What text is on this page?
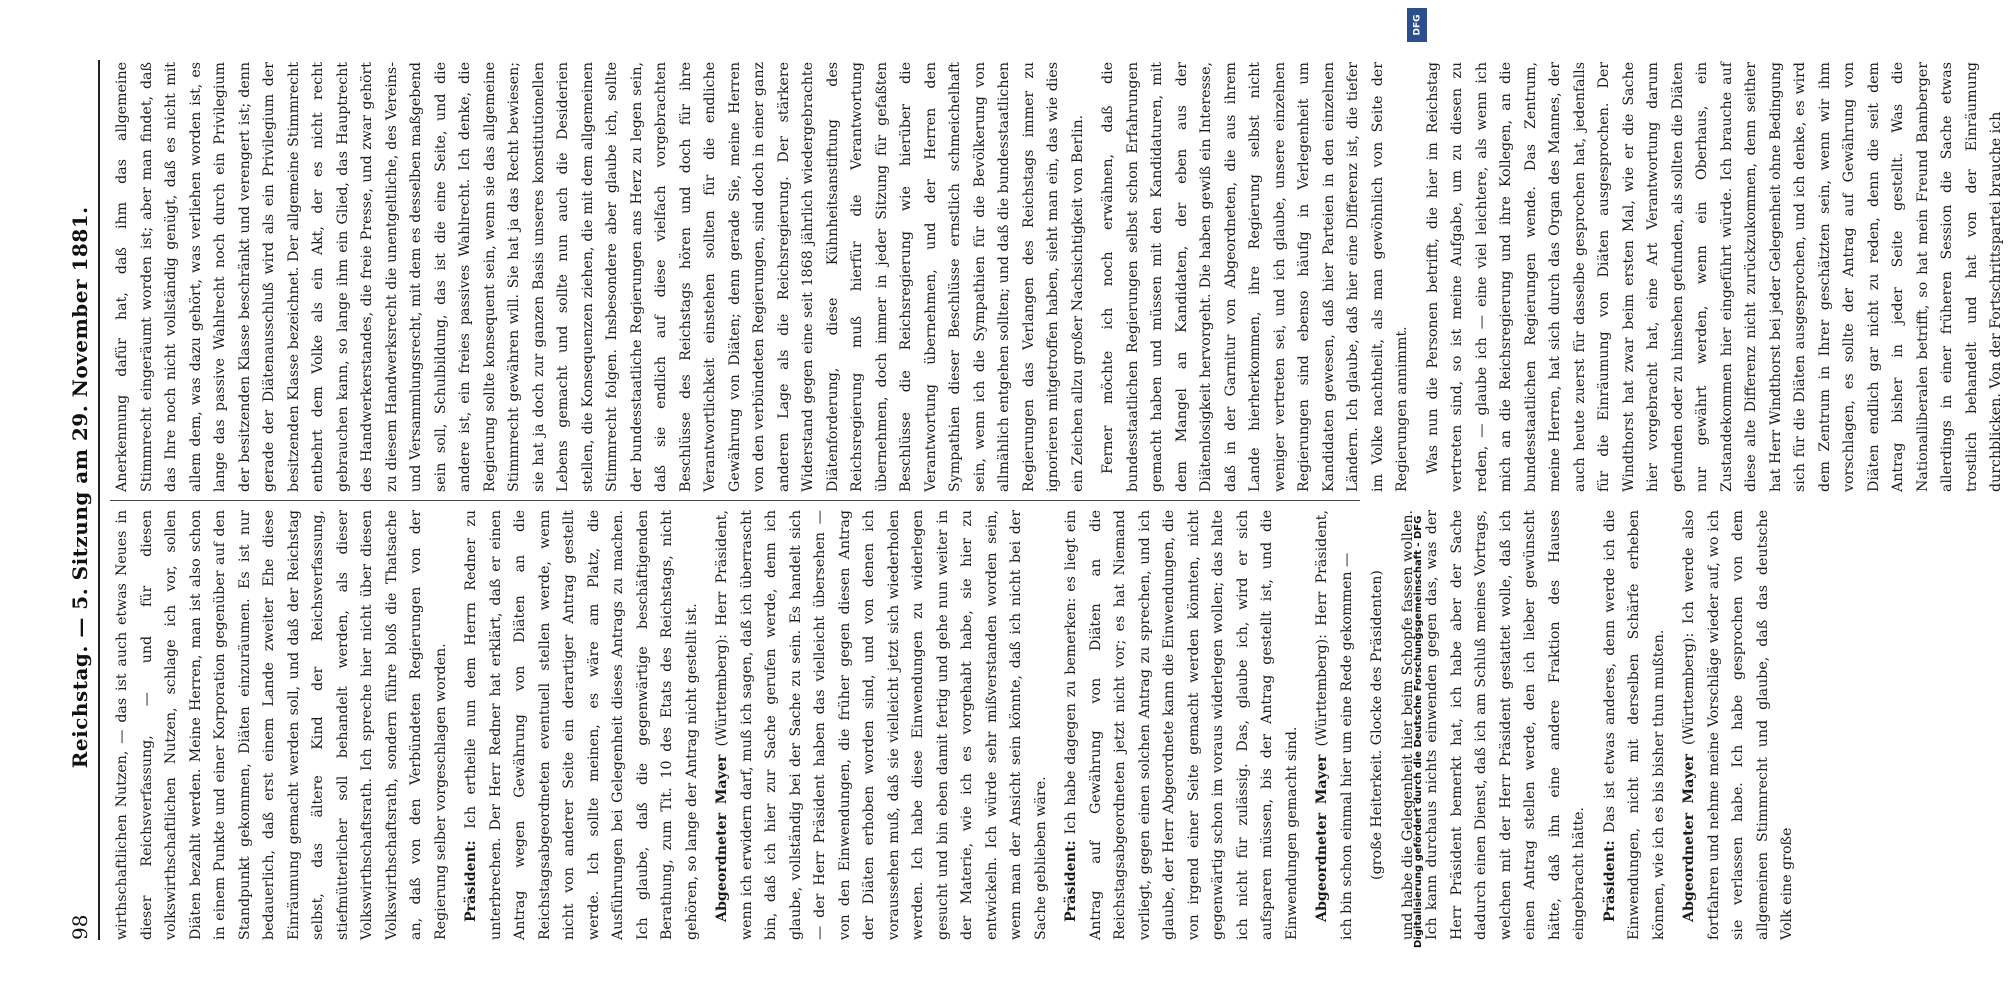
98
Reichstag. — 5. Sitzung am 29. November 1881. wirthschaftlichen Nutzen, — das ist auch etwas Neues in dieser Reichsverfassung, — und für diesen volkswirthschaftlichen Nutzen, schlage ich vor, sollen Diäten bezahlt werden. Meine Herren, man ist also schon in einem Punkte und einer Korporation gegenüber auf den Standpunkt gekommen, Diäten einzuräumen. Es ist nur bedauerlich, daß erst einem Lande zweiter Ehe diese Einräumung gemacht werden soll, und daß der Reichstag selbst, das ältere Kind der Reichsverfassung, stiefmütterlicher soll behandelt werden, als dieser Volkswirthschaftsrath. Ich spreche hier nicht über diesen Volkswirthschaftsrath, sondern führe bloß die Thatsache an, daß von den Verbündeten Regierungen von der Regierung selber vorgeschlagen worden.	Präsident: Ich ertheile nun dem Herrn Redner zu unterbrechen. Der Herr Redner hat erklärt, daß er einen Antrag wegen Gewährung von Diäten an die Reichstagsabgeordneten eventuell stellen werde, wenn nicht von anderer Seite ein derartiger Antrag gestellt werde. Ich sollte meinen, es wäre am Platz, die Ausführungen bei Gelegenheit dieses Antrags zu machen. Ich glaube, daß die gegenwärtige beschäftigenden Berathung, zum Tit. 10 des Etats des Reichstags, nicht gehören, so lange der Antrag nicht gestellt ist.	Abgeordneter Mayer (Württemberg): Herr Präsident, wenn ich erwidern darf, muß ich sagen, daß ich überrascht bin, daß ich hier zur Sache gerufen werde, denn ich glaube, vollständig bei der Sache zu sein. Es handelt sich — der Herr Präsident haben das vielleicht übersehen — von den Einwendungen, die früher gegen diesen Antrag der Diäten erhoben worden sind, und von denen ich voraussehen muß, daß sie vielleicht jetzt sich wiederholen werden. Ich habe diese Einwendungen zu widerlegen gesucht und bin eben damit fertig und gehe nun weiter in der Materie, wie ich es vorgehabt habe, sie hier zu entwickeln. Ich würde sehr mißverstanden worden sein, wenn man der Ansicht sein könnte, daß ich nicht bei der Sache geblieben wäre.	Präsident: Ich habe dagegen zu bemerken: es liegt ein Antrag auf Gewährung von Diäten an die Reichstagsabgeordneten jetzt nicht vor; es hat Niemand vorliegt, gegen einen solchen Antrag zu sprechen, und ich glaube, der Herr Abgeordnete kann die Einwendungen, die von irgend einer Seite gemacht werden könnten, nicht gegenwärtig schon im voraus widerlegen wollen; das halte ich nicht für zulässig. Das, glaube ich, wird er sich aufsparen müssen, bis der Antrag gestellt ist, und die Einwendungen gemacht sind.	Abgeordneter Mayer (Württemberg): Herr Präsident, ich bin schon einmal hier um eine Rede gekommen —	(große Heiterkeit. Glocke des Präsidenten)	und habe die Gelegenheit hier beim Schopfe fassen wollen. Ich kann durchaus nichts einwenden gegen das, was der Herr Präsident bemerkt hat, ich habe aber der Sache dadurch einen Dienst, daß ich am Schluß meines Vortrags, welchen mit der Herr Präsident gestattet wolle, daß ich einen Antrag stellen werde, den ich lieber gewünscht hätte, daß ihn eine andere Fraktion des Hauses eingebracht hätte.	Präsident: Das ist etwas anderes, denn werde ich die Einwendungen, nicht mit derselben Schärfe erheben können, wie ich es bis bisher thun mußten.	Abgeordneter Mayer (Württemberg): Ich werde also fortfahren und nehme meine Vorschläge wieder auf, wo ich sie verlassen habe. Ich habe gesprochen von dem allgemeinen Stimmrecht und glaube, daß das deutsche Volk eine große

Anerkennung dafür hat, daß ihm das allgemeine Stimmrecht eingeräumt worden ist; aber man findet, daß das Ihre noch nicht vollständig genügt, daß es nicht mit allem dem, was dazu gehört, was verliehen worden ist, es lange das passive Wahlrecht noch durch ein Privilegium der besitzenden Klasse beschränkt und verengert ist; denn gerade der Diätenausschluß wird als ein Privilegium der besitzenden Klasse bezeichnet. Der allgemeine Stimmrecht entbehrt dem Volke als ein Akt, der es nicht recht gebrauchen kann, so lange ihm ein Glied, das Hauptrecht des Handwerkerstandes, die freie Presse, und zwar gehört zu diesem Handwerksrecht die unentgeltliche, des Vereins- und Versammlungsrecht, mit dem es desselben maßgebend sein soll, Schulbildung, das ist die eine Seite, und die andere ist, ein freies passives Wahlrecht. Ich denke, die Regierung sollte konsequent sein, wenn sie das allgemeine Stimmrecht gewähren will. Sie hat ja das Recht bewiesen; sie hat ja doch zur ganzen Basis unseres konstitutionellen Lebens gemacht und sollte nun auch die Desiderien stellen, die Konsequenzen ziehen, die mit dem allgemeinen Stimmrecht folgen. Insbesondere aber glaube ich, sollte der bundesstaatliche Regierungen ans Herz zu legen sein, daß sie endlich auf diese vielfach vorgebrachten Beschlüsse des Reichstags hören und doch für ihre Verantwortlichkeit einstehen sollten für die endliche Gewährung von Diäten; denn gerade Sie, meine Herren von den verbündeten Regierungen, sind doch in einer ganz anderen Lage als die Reichsregierung. Der stärkere Widerstand gegen eine seit 1868 jährlich wiedergebrachte Diätenforderung, diese Kühnheitsanstiftung des Reichsregierung muß hierfür die Verantwortung übernehmen, doch immer in jeder Sitzung für gefaßten Beschlüsse die Reichsregierung wie hierüber die Verantwortung übernehmen, und der Herren den Sympathien dieser Beschlüsse ernstlich schmeichelhaft sein, wenn ich die Sympathien für die Bevölkerung von allmählich entgehen sollten; und daß die bundesstaatlichen Regierungen das Verlangen des Reichstags immer zu ignorieren mitgetroffen haben, sieht man ein, das wie dies ein Zeichen allzu großer Nachsichtigkeit von Berlin.	Ferner möchte ich noch erwähnen, daß die bundesstaatlichen Regierungen selbst schon Erfahrungen gemacht haben und müssen mit den Kandidaturen, mit dem Mangel an Kandidaten, der eben aus der Diätenlosigkeit hervorgeht. Die haben gewiß ein Interesse, daß in der Garnitur von Abgeordneten, die aus ihrem Lande hierherkommen, ihre Regierung selbst nicht weniger vertreten sei, und ich glaube, unsere einzelnen Regierungen sind ebenso häufig in Verlegenheit um Kandidaten gewesen, daß hier Parteien in den einzelnen Ländern. Ich glaube, daß hier eine Differenz ist, die tiefer im Volke nachtheilt, als man gewöhnlich von Seite der Regierungen annimmt.	Was nun die Personen betrifft, die hier im Reichstag vertreten sind, so ist meine Aufgabe, um zu diesen zu reden, — glaube ich — eine viel leichtere, als wenn ich mich an die Reichsregierung und ihre Kollegen, an die bundesstaatlichen Regierungen wende. Das Zentrum, meine Herren, hat sich durch das Organ des Mannes, der auch heute zuerst für dasselbe gesprochen hat, jedenfalls für die Einräumung von Diäten ausgesprochen. Der Windthorst hat zwar beim ersten Mal, wie er die Sache hier vorgebracht hat, eine Art Verantwortung darum gefunden oder zu hinsehen gefunden, als sollten die Diäten nur gewährt werden, wenn ein Oberhaus, ein Zustandekommen hier eingeführt würde. Ich brauche auf diese alte Differenz nicht zurückzukommen, denn seither hat Herr Windthorst bei jeder Gelegenheit ohne Bedingung sich für die Diäten ausgesprochen, und ich denke, es wird dem Zentrum in Ihrer geschätzten sein, wenn wir ihm vorschlagen, es sollte der Antrag auf Gewährung von Diäten endlich gar nicht zu reden, denn die seit dem Antrag bisher in jeder Seite gestellt. Was die Nationalliberalen betrifft, so hat mein Freund Bamberger allerdings in einer früheren Session die Sache etwas trostlich behandelt und hat von der Einräumung durchblicken. Von der Fortschrittspartei brauche ich

DFG
Digitalisierung gefördert durch die Deutsche Forschungsgemeinschaft - DFG
